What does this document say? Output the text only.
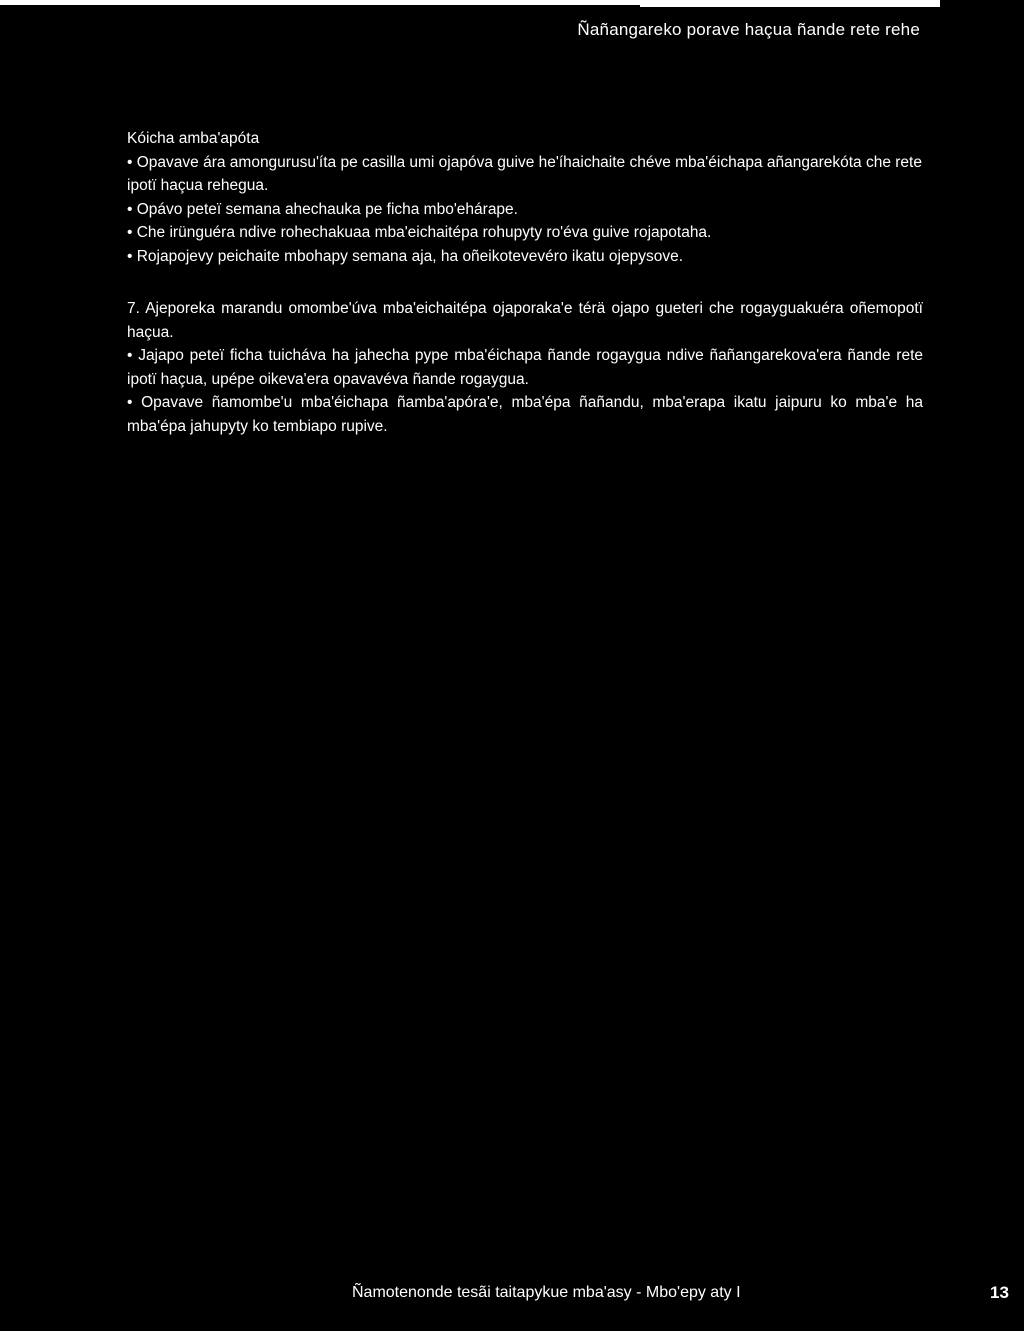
Ñañangareko porave haçua ñande rete rehe

Kóicha amba'apóta

• Opavave ára amongurusu'íta pe casilla umi ojapóva guive he'íhaichaite chéve mba'éichapa añangarekóta che rete ipotï haçua rehegua.
• Opávo peteï semana ahechauka pe ficha mbo'ehárape.
• Che irünguéra ndive rohechakuaa mba'eichaitépa rohupyty ro'éva guive rojapotaha.
• Rojapojevy peichaite mbohapy semana aja, ha oñeikotevevéro ikatu ojepysove.

7. Ajeporeka marandu omombe'úva mba'eichaitépa ojaporaka'e térä ojapo gueteri che rogayguakuéra oñemopotï haçua.

• Jajapo peteï ficha tuicháva ha jahecha pype mba'éichapa ñande rogaygua ndive ñañangarekova'era ñande rete ipotï haçua, upépe oikeva'era opavavéva ñande rogaygua.
• Opavave ñamombe'u mba'éichapa ñamba'apóra'e, mba'épa ñañandu, mba'erapa ikatu jaipuru ko mba'e ha mba'épa jahupyty ko tembiapo rupive.
Ñamotenonde tesãi taitapykue mba'asy - Mbo'epy aty I	13
